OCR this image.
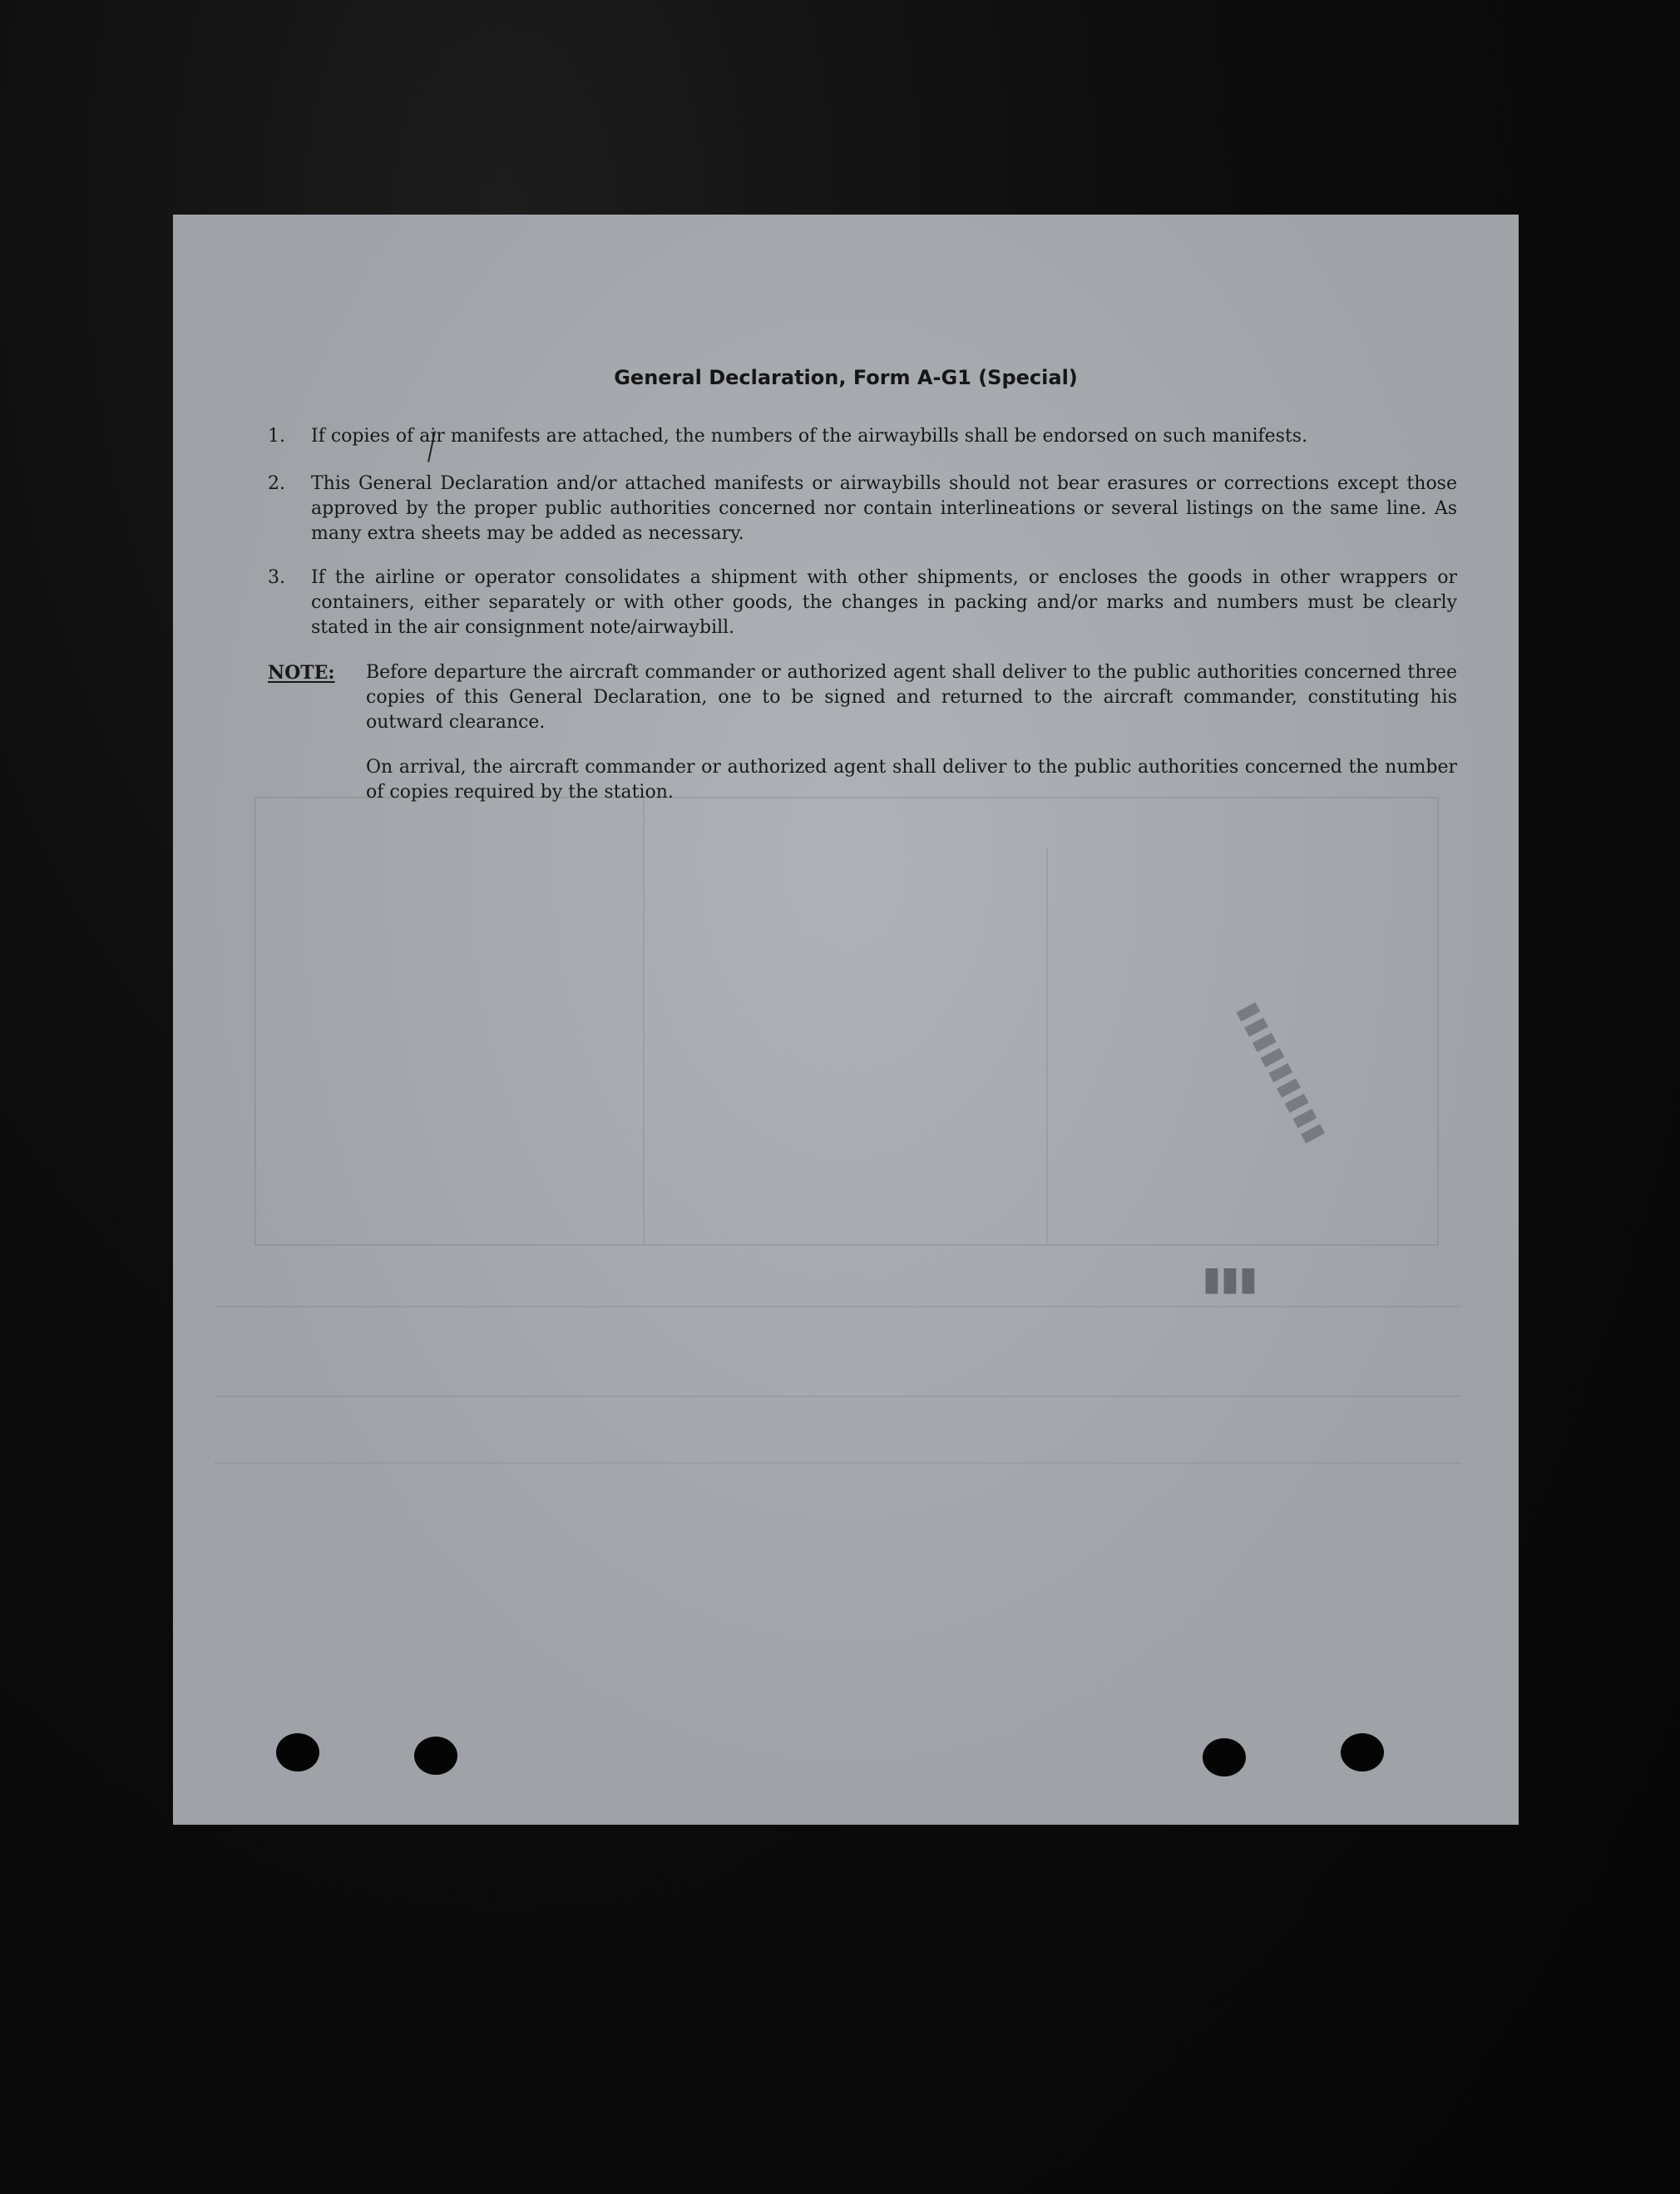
▮▮▮▮▮▮▮▮▮
▮▮▮
General Declaration, Form A-G1 (Special)
1. If copies of air manifests are attached, the numbers of the airwaybills shall be endorsed on such manifests.
2. This General Declaration and/or attached manifests or airwaybills should not bear erasures or corrections except those approved by the proper public authorities concerned nor contain interlineations or several listings on the same line. As many extra sheets may be added as necessary.
3. If the airline or operator consolidates a shipment with other shipments, or encloses the goods in other wrappers or containers, either separately or with other goods, the changes in packing and/or marks and numbers must be clearly stated in the air consignment note/airwaybill.
NOTE: Before departure the aircraft commander or authorized agent shall deliver to the public authorities concerned three copies of this General Declaration, one to be signed and returned to the aircraft commander, constituting his outward clearance.
On arrival, the aircraft commander or authorized agent shall deliver to the public authorities concerned the number of copies required by the station.
